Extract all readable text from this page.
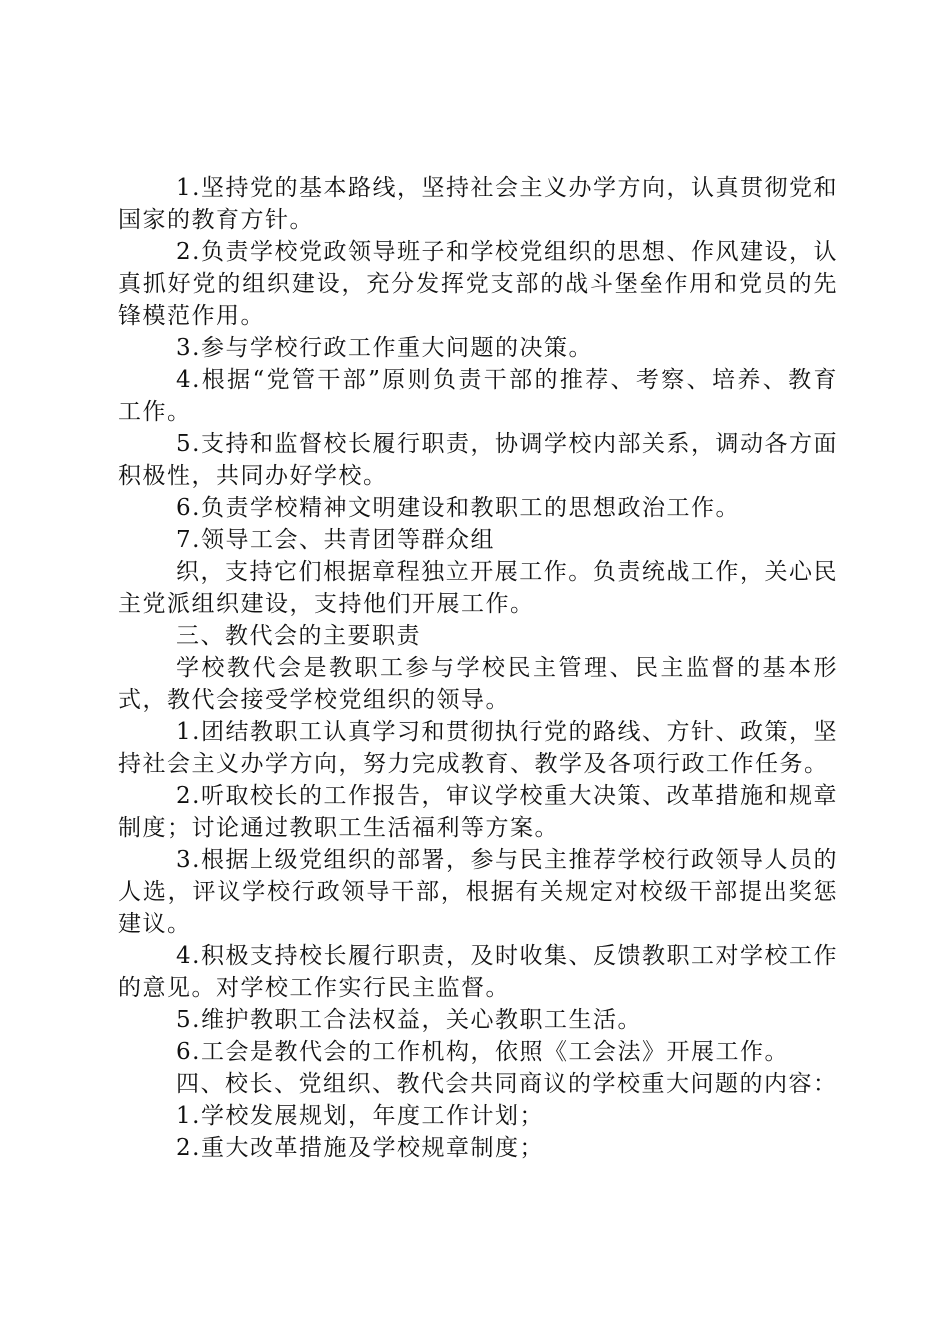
1.坚持党的基本路线，坚持社会主义办学方向，认真贯彻党和国家的教育方针。

2.负责学校党政领导班子和学校党组织的思想、作风建设，认真抓好党的组织建设，充分发挥党支部的战斗堡垒作用和党员的先锋模范作用。

3.参与学校行政工作重大问题的决策。

4.根据“党管干部”原则负责干部的推荐、考察、培养、教育工作。

5.支持和监督校长履行职责，协调学校内部关系，调动各方面积极性，共同办好学校。

6.负责学校精神文明建设和教职工的思想政治工作。

7.领导工会、共青团等群众组

织，支持它们根据章程独立开展工作。负责统战工作，关心民主党派组织建设，支持他们开展工作。

三、教代会的主要职责

学校教代会是教职工参与学校民主管理、民主监督的基本形式，教代会接受学校党组织的领导。

1.团结教职工认真学习和贯彻执行党的路线、方针、政策，坚持社会主义办学方向，努力完成教育、教学及各项行政工作任务。

2.听取校长的工作报告，审议学校重大决策、改革措施和规章制度；讨论通过教职工生活福利等方案。

3.根据上级党组织的部署，参与民主推荐学校行政领导人员的人选，评议学校行政领导干部，根据有关规定对校级干部提出奖惩建议。

4.积极支持校长履行职责，及时收集、反馈教职工对学校工作的意见。对学校工作实行民主监督。

5.维护教职工合法权益，关心教职工生活。

6.工会是教代会的工作机构，依照《工会法》开展工作。

四、校长、党组织、教代会共同商议的学校重大问题的内容：

1.学校发展规划，年度工作计划；

2.重大改革措施及学校规章制度；
